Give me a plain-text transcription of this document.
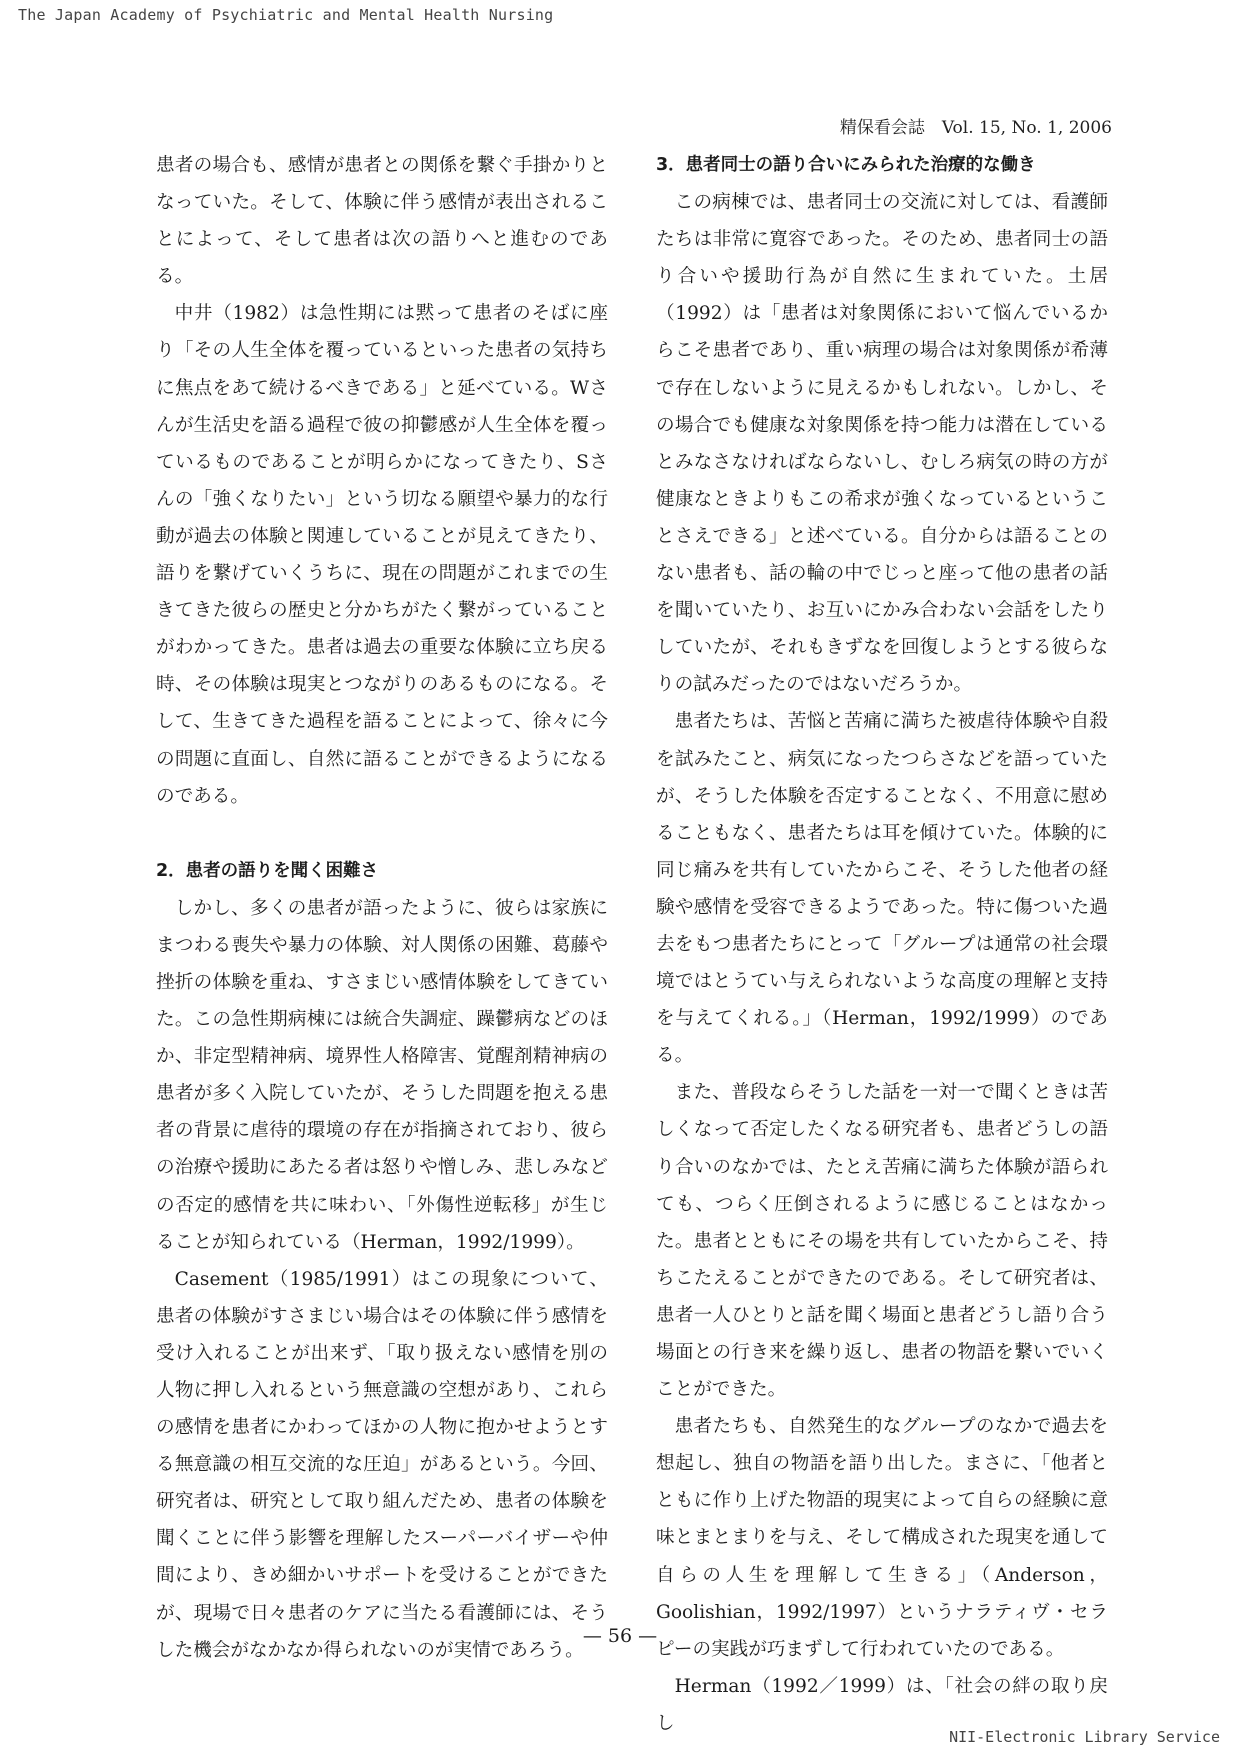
The Japan Academy of Psychiatric and Mental Health Nursing
精保看会誌　Vol. 15, No. 1, 2006

患者の場合も、感情が患者との関係を繋ぐ手掛かりとなっていた。そして、体験に伴う感情が表出されることによって、そして患者は次の語りへと進むのである。

中井（1982）は急性期には黙って患者のそばに座り「その人生全体を覆っているといった患者の気持ちに焦点をあて続けるべきである」と延べている。Wさんが生活史を語る過程で彼の抑鬱感が人生全体を覆っているものであることが明らかになってきたり、Sさんの「強くなりたい」という切なる願望や暴力的な行動が過去の体験と関連していることが見えてきたり、語りを繋げていくうちに、現在の問題がこれまでの生きてきた彼らの歴史と分かちがたく繋がっていることがわかってきた。患者は過去の重要な体験に立ち戻る時、その体験は現実とつながりのあるものになる。そして、生きてきた過程を語ることによって、徐々に今の問題に直面し、自然に語ることができるようになるのである。

2．患者の語りを聞く困難さ

しかし、多くの患者が語ったように、彼らは家族にまつわる喪失や暴力の体験、対人関係の困難、葛藤や挫折の体験を重ね、すさまじい感情体験をしてきていた。この急性期病棟には統合失調症、躁鬱病などのほか、非定型精神病、境界性人格障害、覚醒剤精神病の患者が多く入院していたが、そうした問題を抱える患者の背景に虐待的環境の存在が指摘されており、彼らの治療や援助にあたる者は怒りや憎しみ、悲しみなどの否定的感情を共に味わい、「外傷性逆転移」が生じることが知られている（Herman，1992/1999）。

Casement（1985/1991）はこの現象について、患者の体験がすさまじい場合はその体験に伴う感情を受け入れることが出来ず、「取り扱えない感情を別の人物に押し入れるという無意識の空想があり、これらの感情を患者にかわってほかの人物に抱かせようとする無意識の相互交流的な圧迫」があるという。今回、研究者は、研究として取り組んだため、患者の体験を聞くことに伴う影響を理解したスーパーバイザーや仲間により、きめ細かいサポートを受けることができたが、現場で日々患者のケアに当たる看護師には、そうした機会がなかなか得られないのが実情であろう。

3．患者同士の語り合いにみられた治療的な働き

この病棟では、患者同士の交流に対しては、看護師たちは非常に寛容であった。そのため、患者同士の語り合いや援助行為が自然に生まれていた。土居（1992）は「患者は対象関係において悩んでいるからこそ患者であり、重い病理の場合は対象関係が希薄で存在しないように見えるかもしれない。しかし、その場合でも健康な対象関係を持つ能力は潜在しているとみなさなければならないし、むしろ病気の時の方が健康なときよりもこの希求が強くなっているということさえできる」と述べている。自分からは語ることのない患者も、話の輪の中でじっと座って他の患者の話を聞いていたり、お互いにかみ合わない会話をしたりしていたが、それもきずなを回復しようとする彼らなりの試みだったのではないだろうか。

患者たちは、苦悩と苦痛に満ちた被虐待体験や自殺を試みたこと、病気になったつらさなどを語っていたが、そうした体験を否定することなく、不用意に慰めることもなく、患者たちは耳を傾けていた。体験的に同じ痛みを共有していたからこそ、そうした他者の経験や感情を受容できるようであった。特に傷ついた過去をもつ患者たちにとって「グループは通常の社会環境ではとうてい与えられないような高度の理解と支持を与えてくれる。」（Herman，1992/1999）のである。

また、普段ならそうした話を一対一で聞くときは苦しくなって否定したくなる研究者も、患者どうしの語り合いのなかでは、たとえ苦痛に満ちた体験が語られても、つらく圧倒されるように感じることはなかった。患者とともにその場を共有していたからこそ、持ちこたえることができたのである。そして研究者は、患者一人ひとりと話を聞く場面と患者どうし語り合う場面との行き来を繰り返し、患者の物語を繋いでいくことができた。

患者たちも、自然発生的なグループのなかで過去を想起し、独自の物語を語り出した。まさに、「他者とともに作り上げた物語的現実によって自らの経験に意味とまとまりを与え、そして構成された現実を通して自らの人生を理解して生きる」（Anderson，Goolishian，1992/1997）というナラティヴ・セラピーの実践が巧まずして行われていたのである。

Herman（1992／1999）は、「社会の絆の取り戻し

— 56 —
NII-Electronic Library Service
